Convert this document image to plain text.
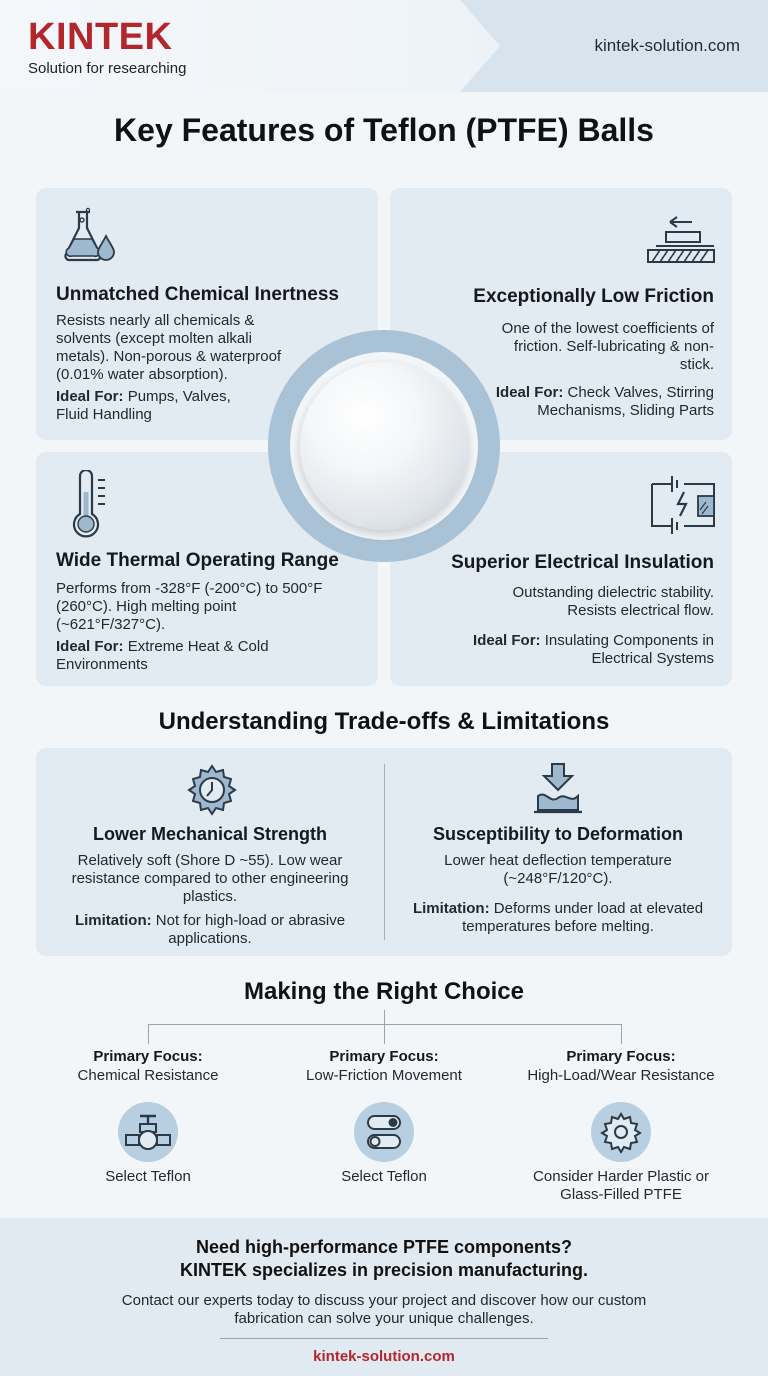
KINTEK
Solution for researching
kintek-solution.com
Key Features of Teflon (PTFE) Balls
Unmatched Chemical Inertness

Resists nearly all chemicals & solvents (except molten alkali metals). Non-porous & waterproof (0.01% water absorption).

Ideal For: Pumps, Valves, Fluid Handling
Exceptionally Low Friction

One of the lowest coefficients of friction. Self-lubricating & non-stick.

Ideal For: Check Valves, Stirring Mechanisms, Sliding Parts
Wide Thermal Operating Range

Performs from -328°F (-200°C) to 500°F (260°C). High melting point (~621°F/327°C).

Ideal For: Extreme Heat & Cold Environments
Superior Electrical Insulation

Outstanding dielectric stability. Resists electrical flow.

Ideal For: Insulating Components in Electrical Systems
Understanding Trade-offs & Limitations
Lower Mechanical Strength
Relatively soft (Shore D ~55). Low wear resistance compared to other engineering plastics.
Limitation: Not for high-load or abrasive applications.
Susceptibility to Deformation
Lower heat deflection temperature (~248°F/120°C).
Limitation: Deforms under load at elevated temperatures before melting.
Making the Right Choice
Primary Focus:
Chemical Resistance
Primary Focus:
Low-Friction Movement
Primary Focus:
High-Load/Wear Resistance
Select Teflon	Select Teflon	Consider Harder Plastic or Glass-Filled PTFE
Need high-performance PTFE components?
KINTEK specializes in precision manufacturing.
Contact our experts today to discuss your project and discover how our custom fabrication can solve your unique challenges.
kintek-solution.com
